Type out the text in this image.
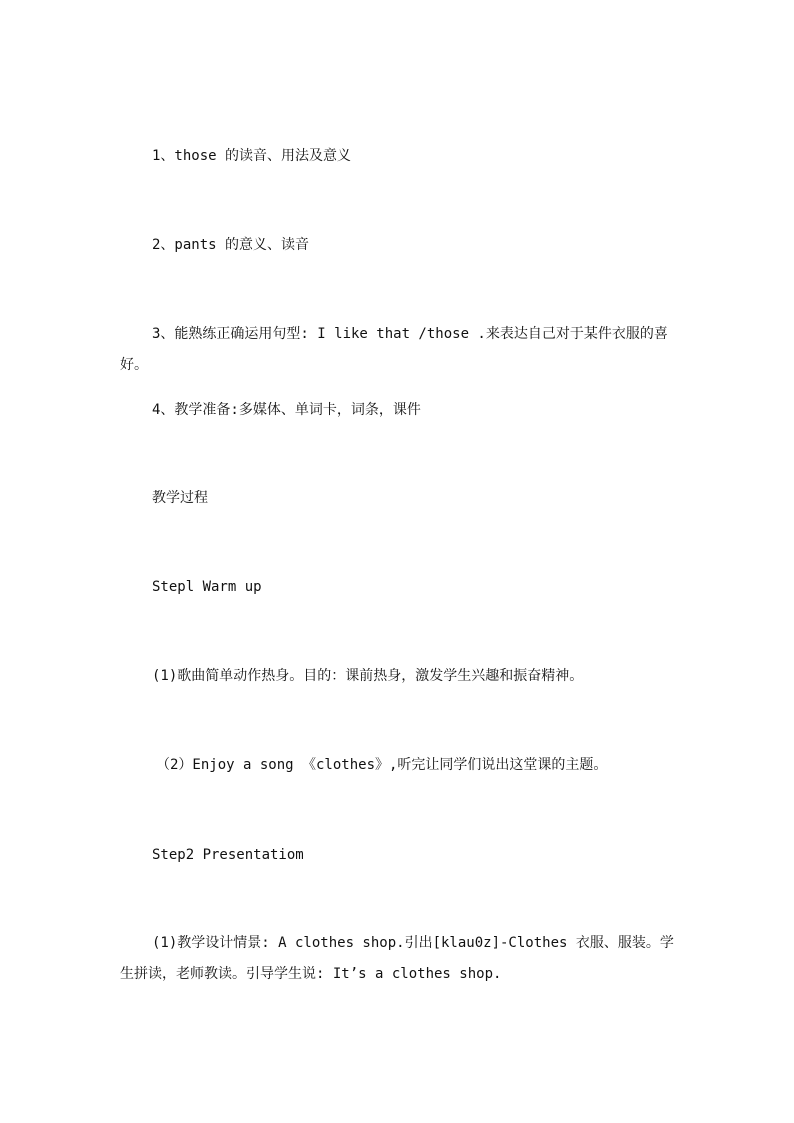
1、those 的读音、用法及意义

2、pants 的意义、读音

3、能熟练正确运用句型: I like that /those .来表达自己对于某件衣服的喜好。

4、教学准备:多媒体、单词卡，词条，课件

教学过程

Stepl Warm up

(1)歌曲简单动作热身。目的：课前热身，激发学生兴趣和振奋精神。

（2）Enjoy a song 《clothes》,听完让同学们说出这堂课的主题。

Step2 Presentatiom

(1)教学设计情景: A clothes shop.引出[klau0z]-Clothes 衣服、服装。学生拼读，老师教读。引导学生说: It’s a clothes shop.
